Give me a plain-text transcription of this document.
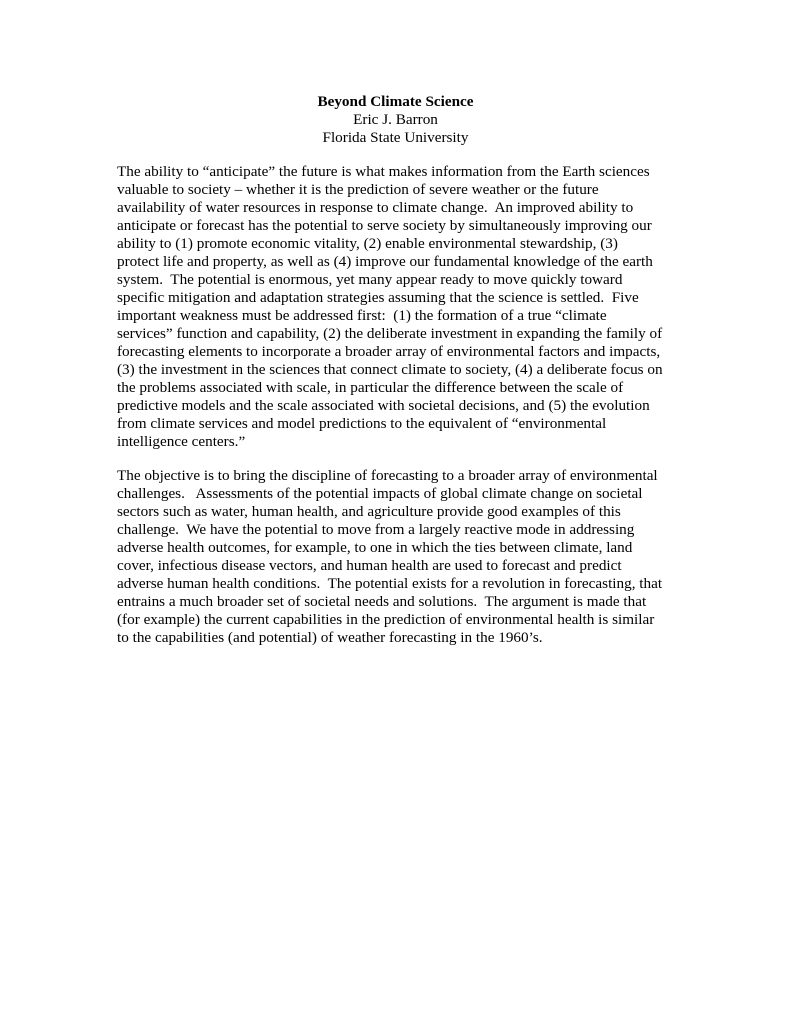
Beyond Climate Science
Eric J. Barron
Florida State University
The ability to “anticipate” the future is what makes information from the Earth sciences
valuable to society – whether it is the prediction of severe weather or the future
availability of water resources in response to climate change.  An improved ability to
anticipate or forecast has the potential to serve society by simultaneously improving our
ability to (1) promote economic vitality, (2) enable environmental stewardship, (3)
protect life and property, as well as (4) improve our fundamental knowledge of the earth
system.  The potential is enormous, yet many appear ready to move quickly toward
specific mitigation and adaptation strategies assuming that the science is settled.  Five
important weakness must be addressed first:  (1) the formation of a true “climate
services” function and capability, (2) the deliberate investment in expanding the family of
forecasting elements to incorporate a broader array of environmental factors and impacts,
(3) the investment in the sciences that connect climate to society, (4) a deliberate focus on
the problems associated with scale, in particular the difference between the scale of
predictive models and the scale associated with societal decisions, and (5) the evolution
from climate services and model predictions to the equivalent of “environmental
intelligence centers.”
The objective is to bring the discipline of forecasting to a broader array of environmental
challenges.   Assessments of the potential impacts of global climate change on societal
sectors such as water, human health, and agriculture provide good examples of this
challenge.  We have the potential to move from a largely reactive mode in addressing
adverse health outcomes, for example, to one in which the ties between climate, land
cover, infectious disease vectors, and human health are used to forecast and predict
adverse human health conditions.  The potential exists for a revolution in forecasting, that
entrains a much broader set of societal needs and solutions.  The argument is made that
(for example) the current capabilities in the prediction of environmental health is similar
to the capabilities (and potential) of weather forecasting in the 1960’s.
